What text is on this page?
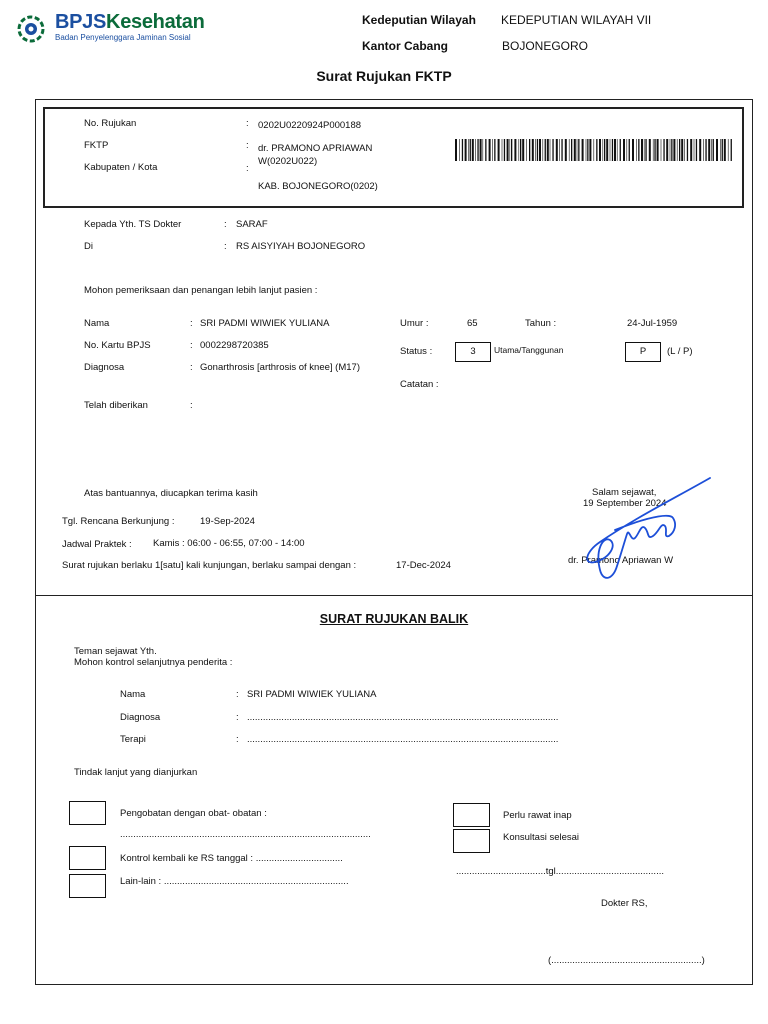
BPJSKesehatan
Badan Penyelenggara Jaminan Sosial
Kedeputian Wilayah KEDEPUTIAN WILAYAH VII
Kantor Cabang	BOJONEGORO
Surat Rujukan FKTP
No. Rujukan	: 0202U0220924P000188
FKTP	: dr. PRAMONO APRIAWAN
W(0202U022)
Kabupaten / Kota	:
KAB. BOJONEGORO(0202)
Kepada Yth. TS Dokter	: SARAF
Di	: RS AISYIYAH BOJONEGORO
Mohon pemeriksaan dan penangan lebih lanjut pasien :
Nama	: SRI PADMI WIWIEK YULIANA
No. Kartu BPJS	: 0002298720385
Diagnosa	: Gonarthrosis [arthrosis of knee] (M17)
Telah diberikan	:
Umur :	65	Tahun :	24-Jul-1959
Status :	3	Utama/Tanggunan	P	(L / P)
Catatan :
Atas bantuannya, diucapkan terima kasih	Salam sejawat,
19 September 2024
Tgl. Rencana Berkunjung :	19-Sep-2024
Jadwal Praktek : Kamis : 06:00 - 06:55, 07:00 - 14:00
Surat rujukan berlaku 1[satu] kali kunjungan, berlaku sampai dengan :	17-Dec-2024	dr. Pramono Apriawan W
SURAT RUJUKAN BALIK
Teman sejawat Yth.
Mohon kontrol selanjutnya penderita :
Nama	: SRI PADMI WIWIEK YULIANA
Diagnosa	: ......................................................................................................................
Terapi	: ......................................................................................................................
Tindak lanjut yang dianjurkan
Pengobatan dengan obat- obatan :
...............................................................................................
Kontrol kembali ke RS tanggal : .................................
Lain-lain : ......................................................................
Perlu rawat inap
Konsultasi selesai
..................................tgl.........................................
Dokter RS,
(.........................................................)
